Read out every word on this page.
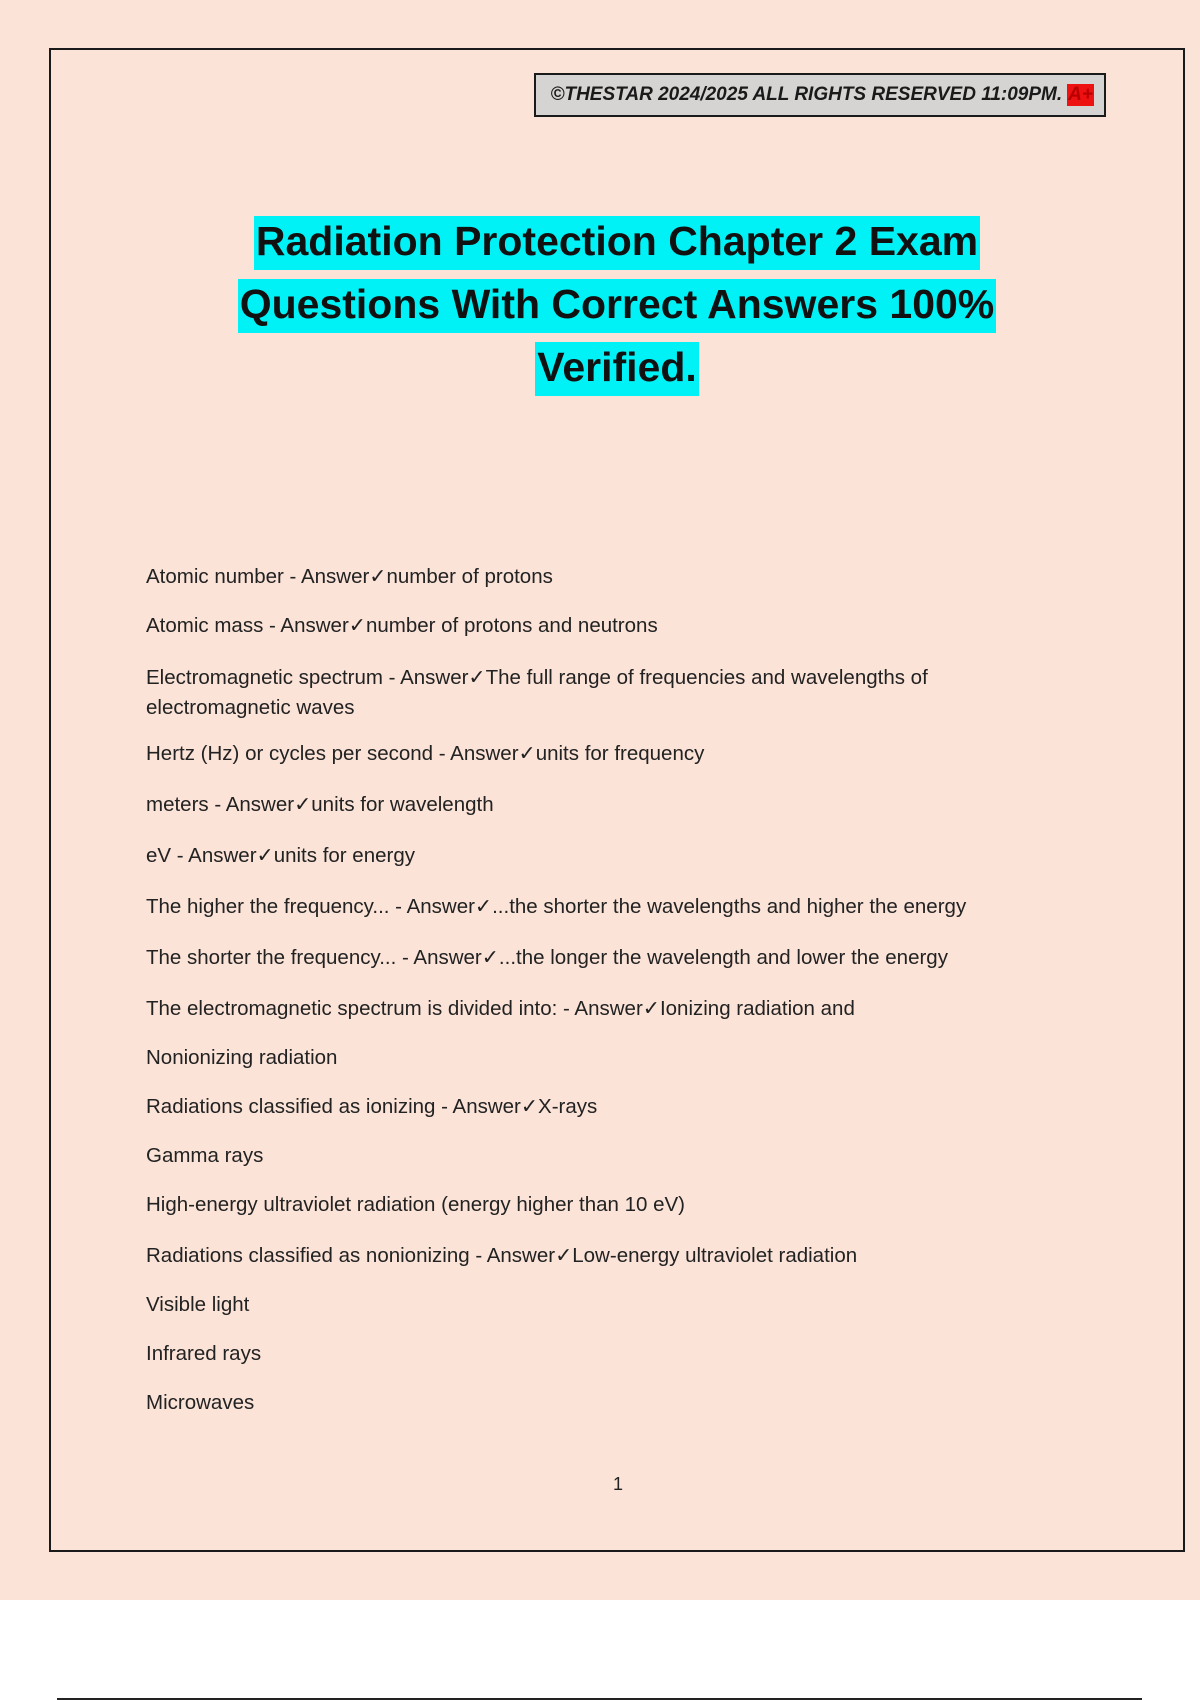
©THESTAR 2024/2025 ALL RIGHTS RESERVED 11:09PM. A+
Radiation Protection Chapter 2 Exam
Questions With Correct Answers 100%
Verified.

Atomic number - Answer✓number of protons

Atomic mass - Answer✓number of protons and neutrons

Electromagnetic spectrum - Answer✓The full range of frequencies and wavelengths of electromagnetic waves

Hertz (Hz) or cycles per second - Answer✓units for frequency

meters - Answer✓units for wavelength

eV - Answer✓units for energy

The higher the frequency... - Answer✓...the shorter the wavelengths and higher the energy

The shorter the frequency... - Answer✓...the longer the wavelength and lower the energy

The electromagnetic spectrum is divided into: - Answer✓Ionizing radiation and

Nonionizing radiation

Radiations classified as ionizing - Answer✓X-rays

Gamma rays

High-energy ultraviolet radiation (energy higher than 10 eV)

Radiations classified as nonionizing - Answer✓Low-energy ultraviolet radiation

Visible light

Infrared rays

Microwaves

1
